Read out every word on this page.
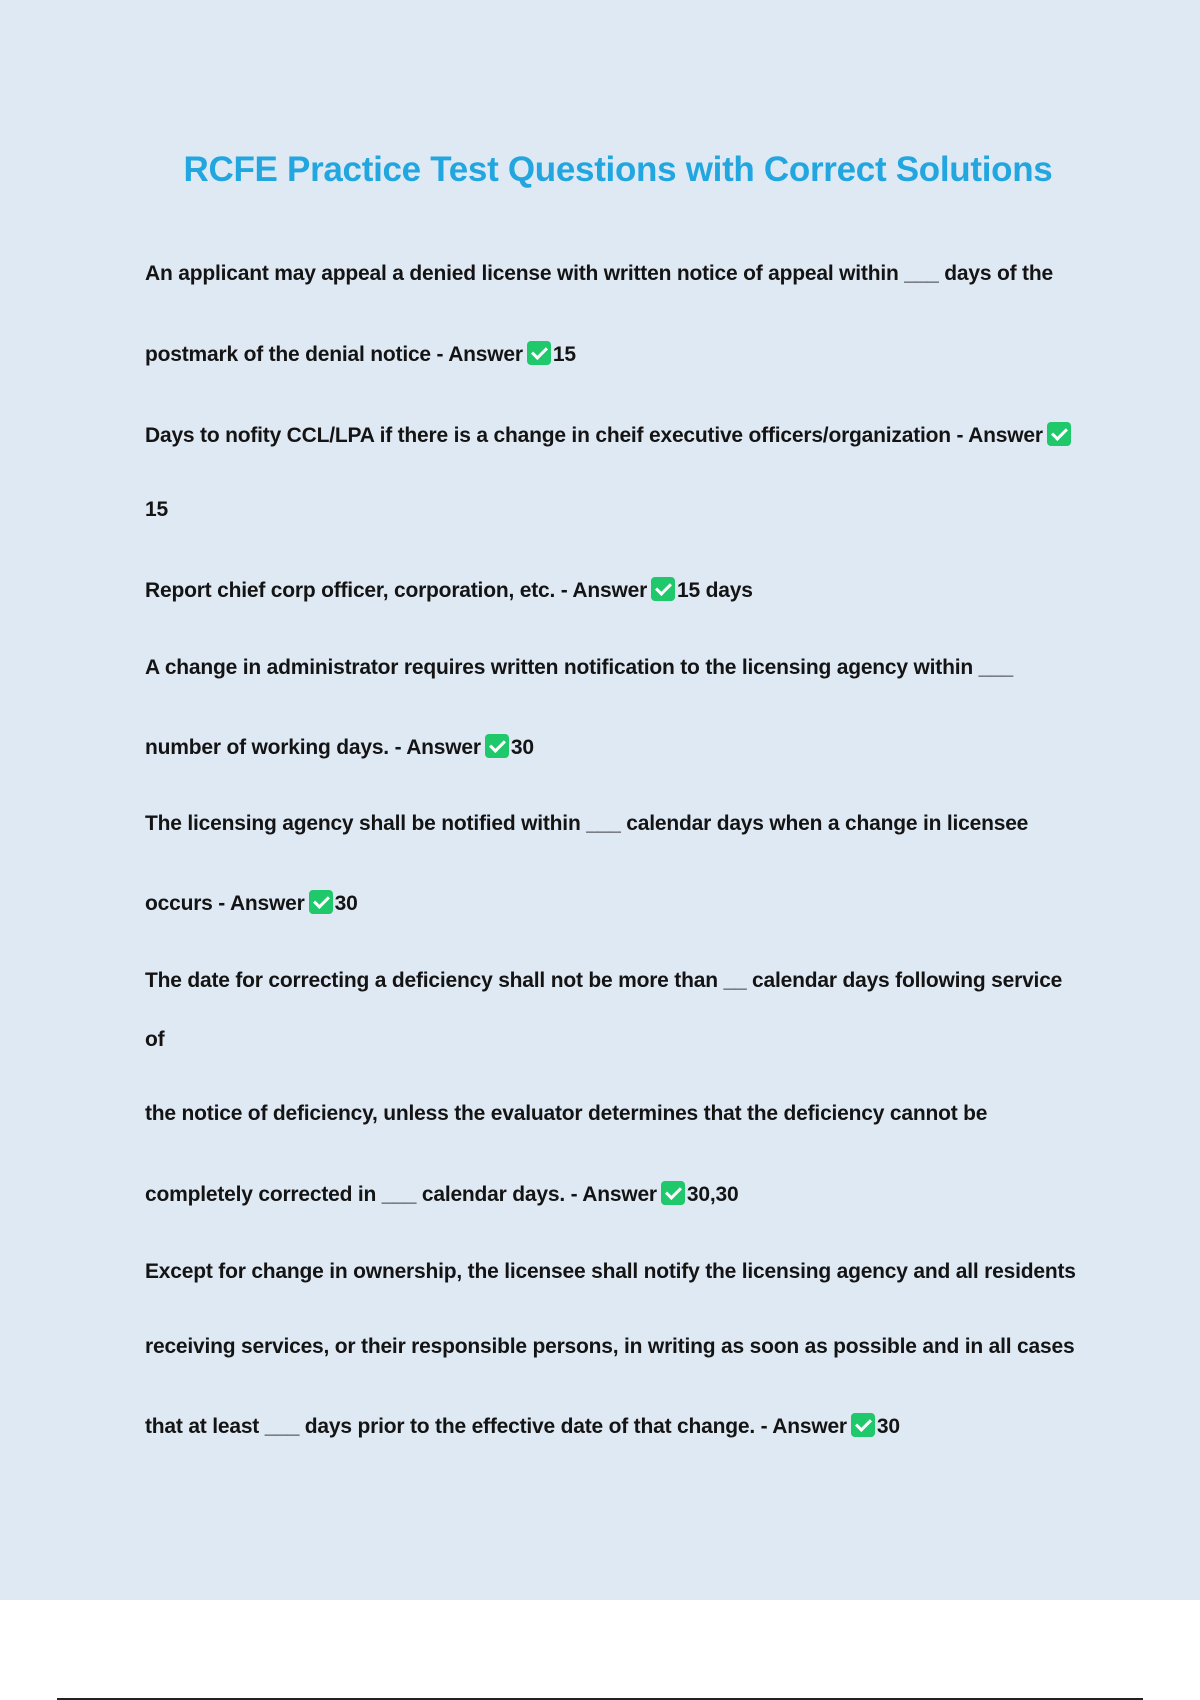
RCFE Practice Test Questions with Correct Solutions
An applicant may appeal a denied license with written notice of appeal within ___ days of the
postmark of the denial notice - Answer 15
Days to nofity CCL/LPA if there is a change in cheif executive officers/organization - Answer
15
Report chief corp officer, corporation, etc. - Answer 15 days
A change in administrator requires written notification to the licensing agency within ___
number of working days. - Answer 30
The licensing agency shall be notified within ___ calendar days when a change in licensee
occurs - Answer 30
The date for correcting a deficiency shall not be more than __ calendar days following service
of
the notice of deficiency, unless the evaluator determines that the deficiency cannot be
completely corrected in ___ calendar days. - Answer 30,30
Except for change in ownership, the licensee shall notify the licensing agency and all residents
receiving services, or their responsible persons, in writing as soon as possible and in all cases
that at least ___ days prior to the effective date of that change. - Answer 30
